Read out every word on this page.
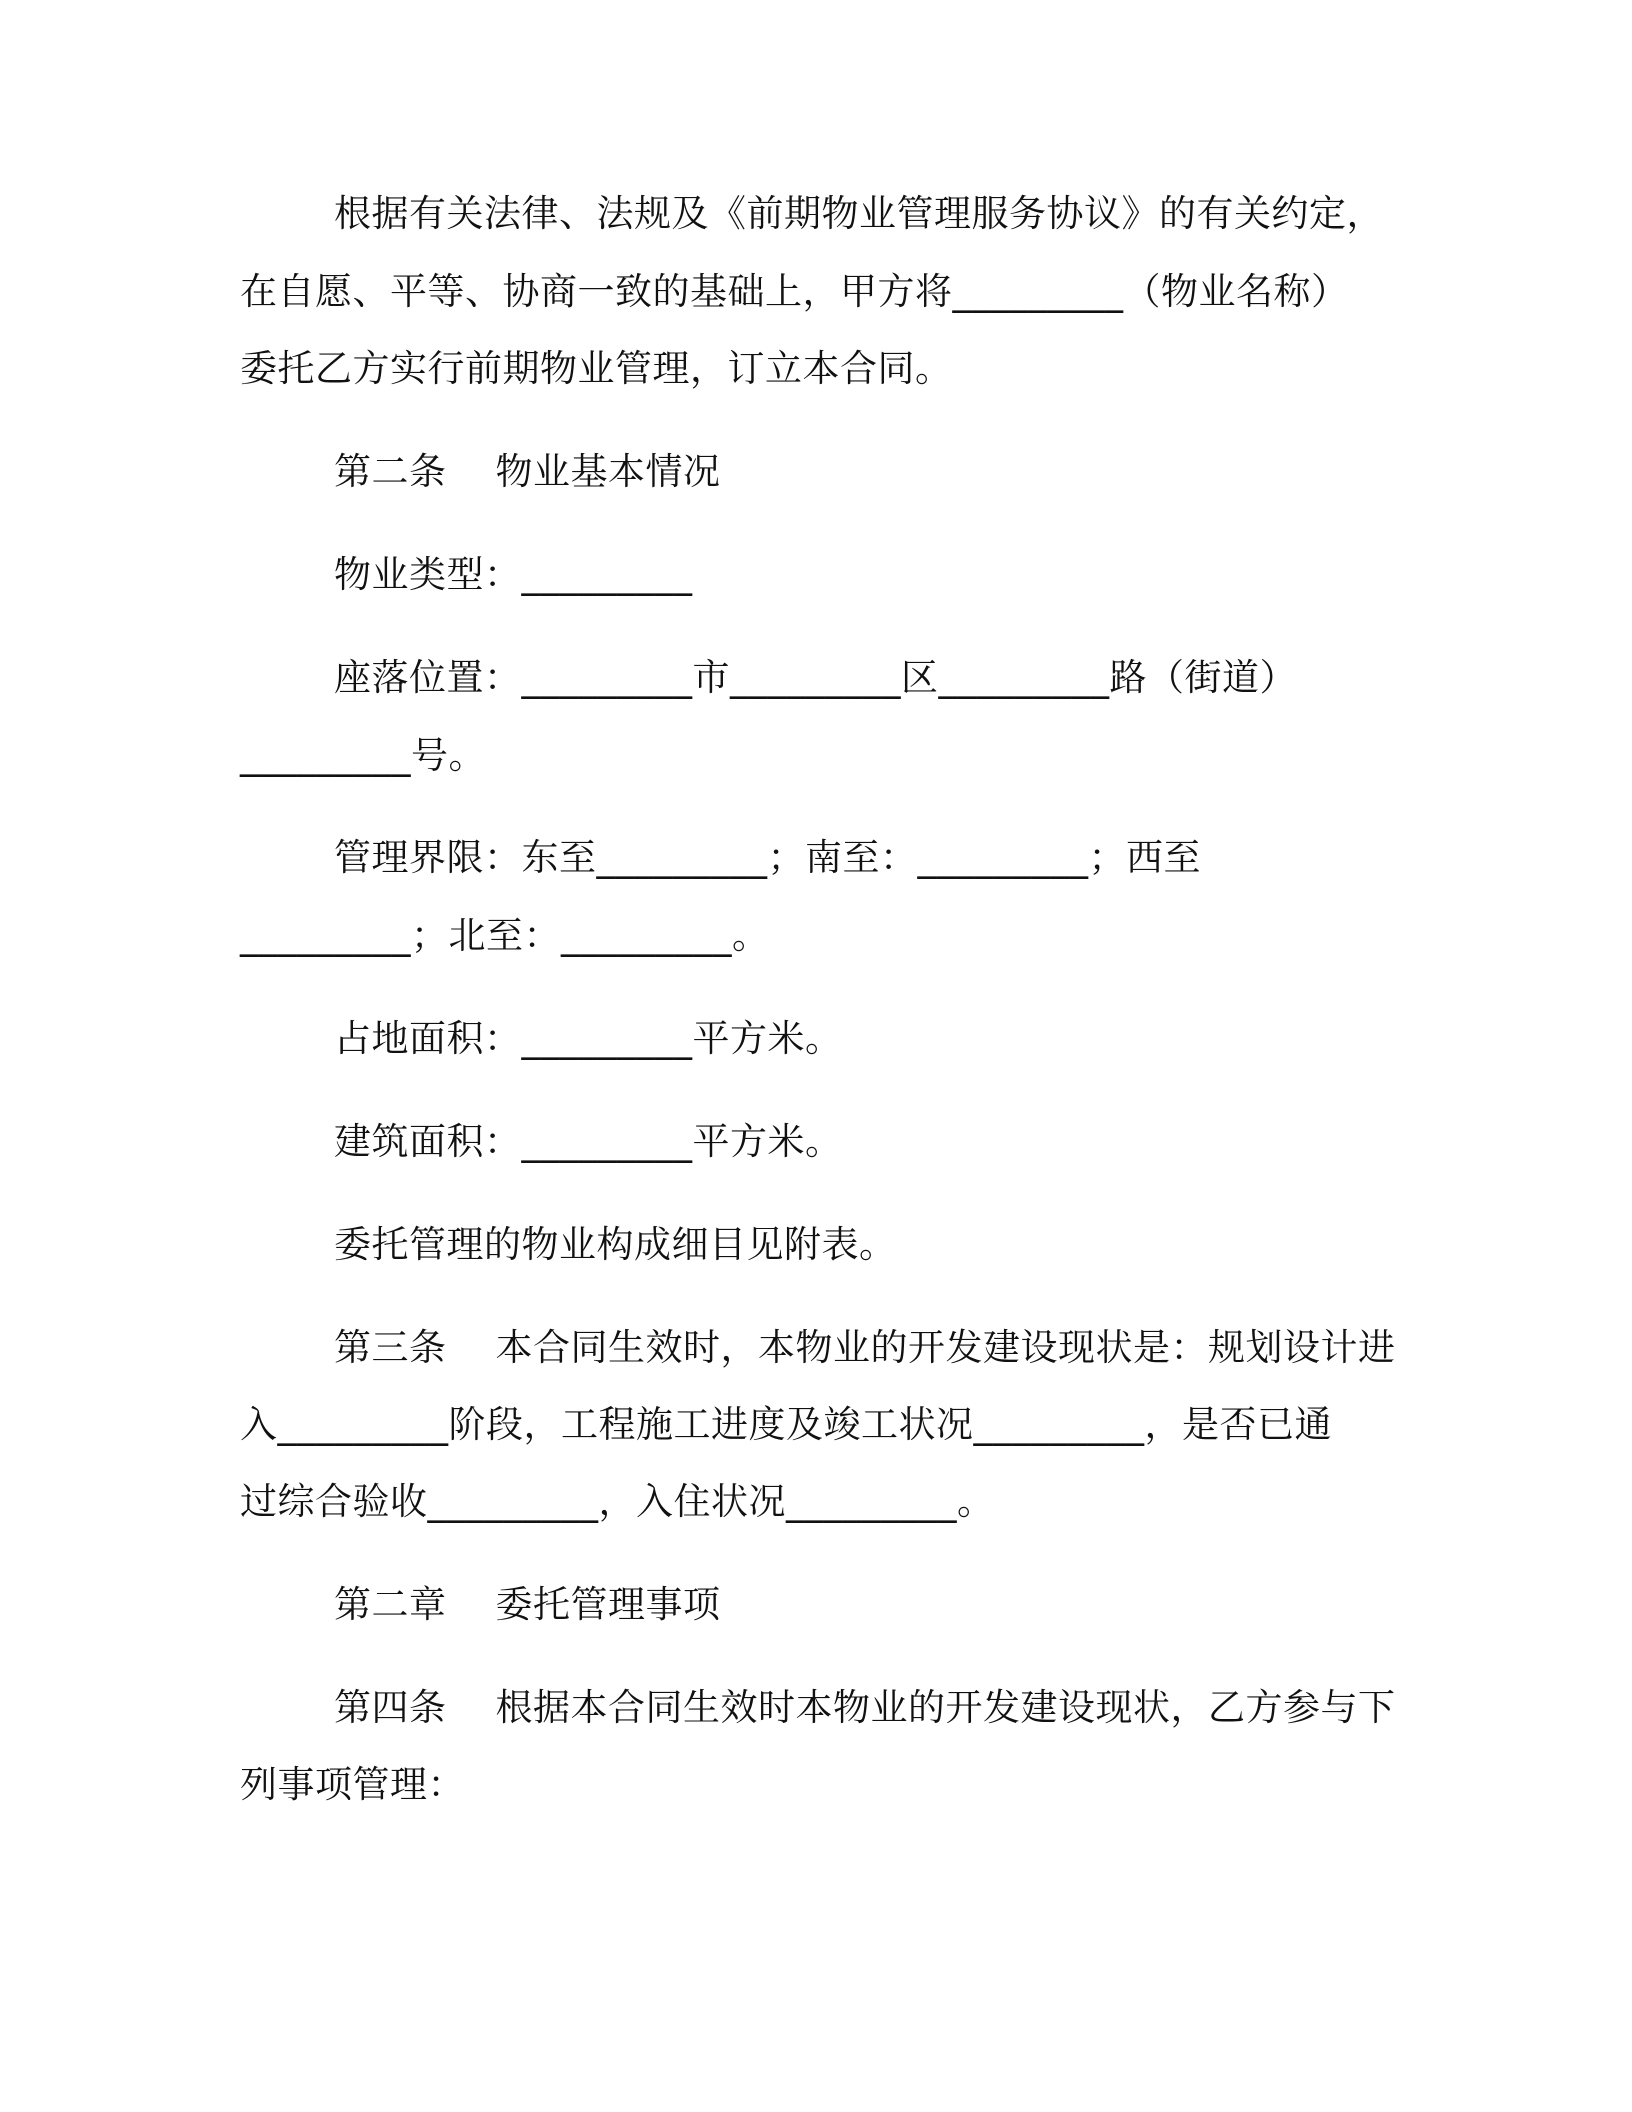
根据有关法律、法规及《前期物业管理服务协议》的有关约定，
在自愿、平等、协商一致的基础上，甲方将_________（物业名称）
委托乙方实行前期物业管理，订立本合同。
第二条    物业基本情况
物业类型：_________
座落位置：_________市_________区_________路（街道）
_________号。
管理界限：东至_________；南至：_________；西至
_________；北至：_________。
占地面积：_________平方米。
建筑面积：_________平方米。
委托管理的物业构成细目见附表。
第三条    本合同生效时，本物业的开发建设现状是：规划设计进
入_________阶段，工程施工进度及竣工状况_________，是否已通
过综合验收_________，入住状况_________。
第二章    委托管理事项
第四条    根据本合同生效时本物业的开发建设现状，乙方参与下
列事项管理：
